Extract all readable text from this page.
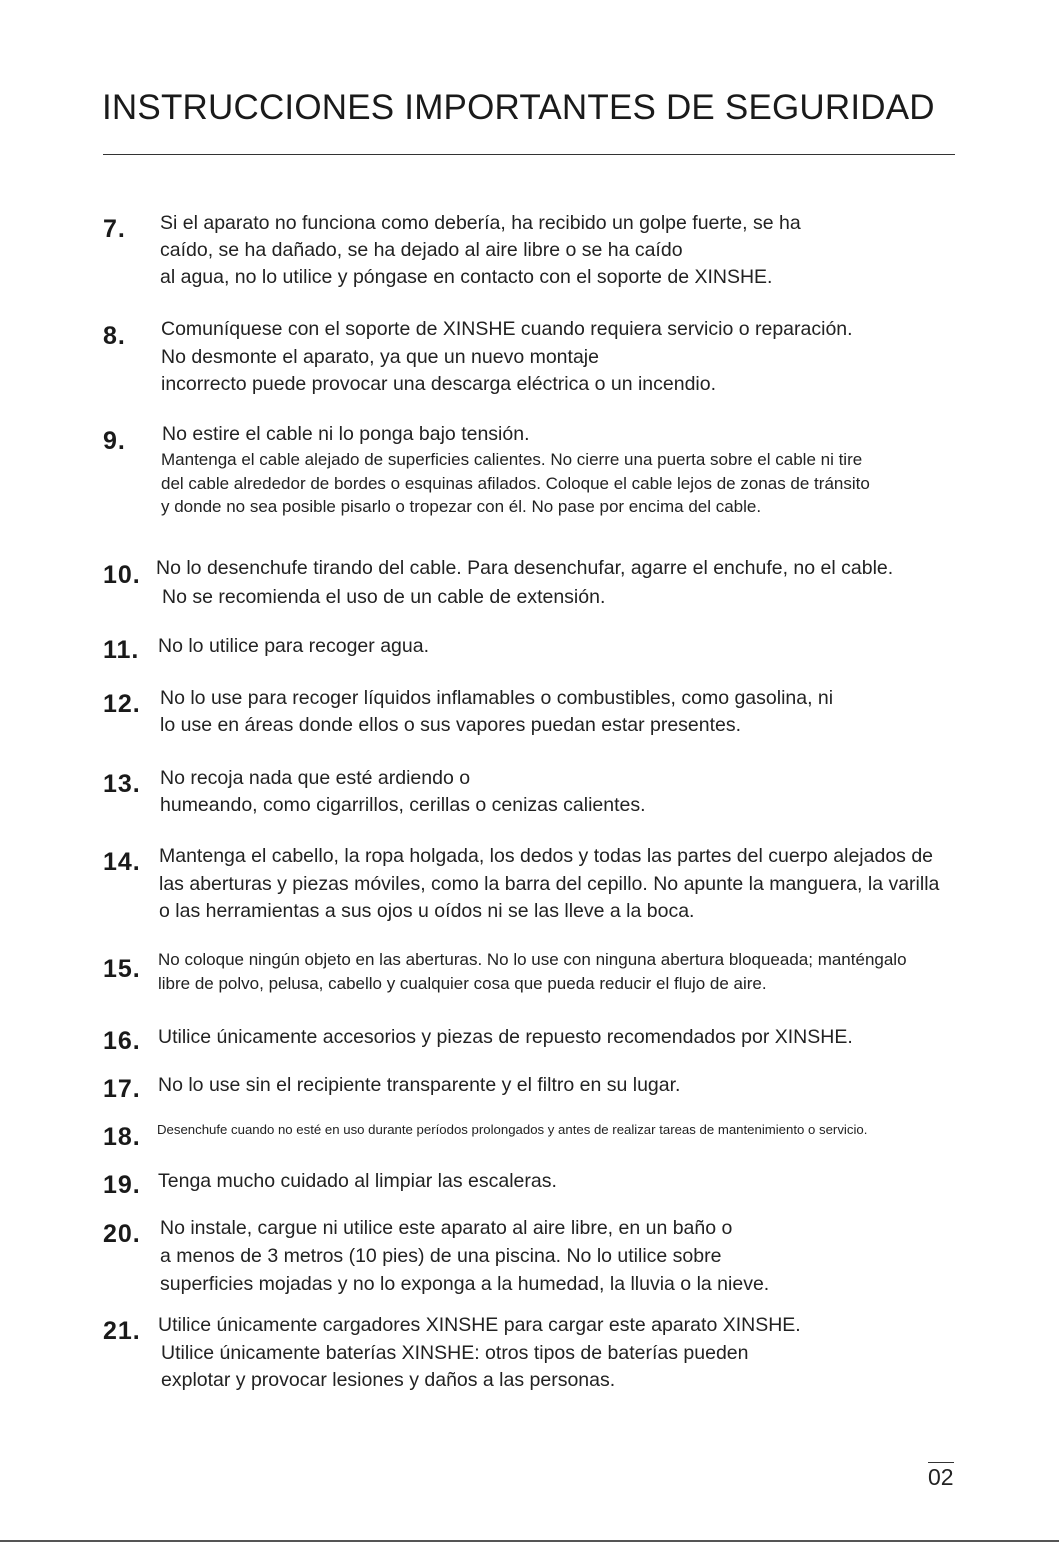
INSTRUCCIONES IMPORTANTES DE SEGURIDAD
7. Si el aparato no funciona como debería, ha recibido un golpe fuerte, se ha
caído, se ha dañado, se ha dejado al aire libre o se ha caído
al agua, no lo utilice y póngase en contacto con el soporte de XINSHE.
8. Comuníquese con el soporte de XINSHE cuando requiera servicio o reparación.
No desmonte el aparato, ya que un nuevo montaje
incorrecto puede provocar una descarga eléctrica o un incendio.
9. No estire el cable ni lo ponga bajo tensión.
Mantenga el cable alejado de superficies calientes. No cierre una puerta sobre el cable ni tire
del cable alrededor de bordes o esquinas afilados. Coloque el cable lejos de zonas de tránsito
y donde no sea posible pisarlo o tropezar con él. No pase por encima del cable.
10. No lo desenchufe tirando del cable. Para desenchufar, agarre el enchufe, no el cable.
No se recomienda el uso de un cable de extensión.
11. No lo utilice para recoger agua.
12. No lo use para recoger líquidos inflamables o combustibles, como gasolina, ni
lo use en áreas donde ellos o sus vapores puedan estar presentes.
13. No recoja nada que esté ardiendo o
humeando, como cigarrillos, cerillas o cenizas calientes.
14. Mantenga el cabello, la ropa holgada, los dedos y todas las partes del cuerpo alejados de
las aberturas y piezas móviles, como la barra del cepillo. No apunte la manguera, la varilla
o las herramientas a sus ojos u oídos ni se las lleve a la boca.
15. No coloque ningún objeto en las aberturas. No lo use con ninguna abertura bloqueada; manténgalo
libre de polvo, pelusa, cabello y cualquier cosa que pueda reducir el flujo de aire.
16. Utilice únicamente accesorios y piezas de repuesto recomendados por XINSHE.
17. No lo use sin el recipiente transparente y el filtro en su lugar.
18. Desenchufe cuando no esté en uso durante períodos prolongados y antes de realizar tareas de mantenimiento o servicio.
19. Tenga mucho cuidado al limpiar las escaleras.
20. No instale, cargue ni utilice este aparato al aire libre, en un baño o
a menos de 3 metros (10 pies) de una piscina. No lo utilice sobre
superficies mojadas y no lo exponga a la humedad, la lluvia o la nieve.
21. Utilice únicamente cargadores XINSHE para cargar este aparato XINSHE.
Utilice únicamente baterías XINSHE: otros tipos de baterías pueden
explotar y provocar lesiones y daños a las personas.
02
